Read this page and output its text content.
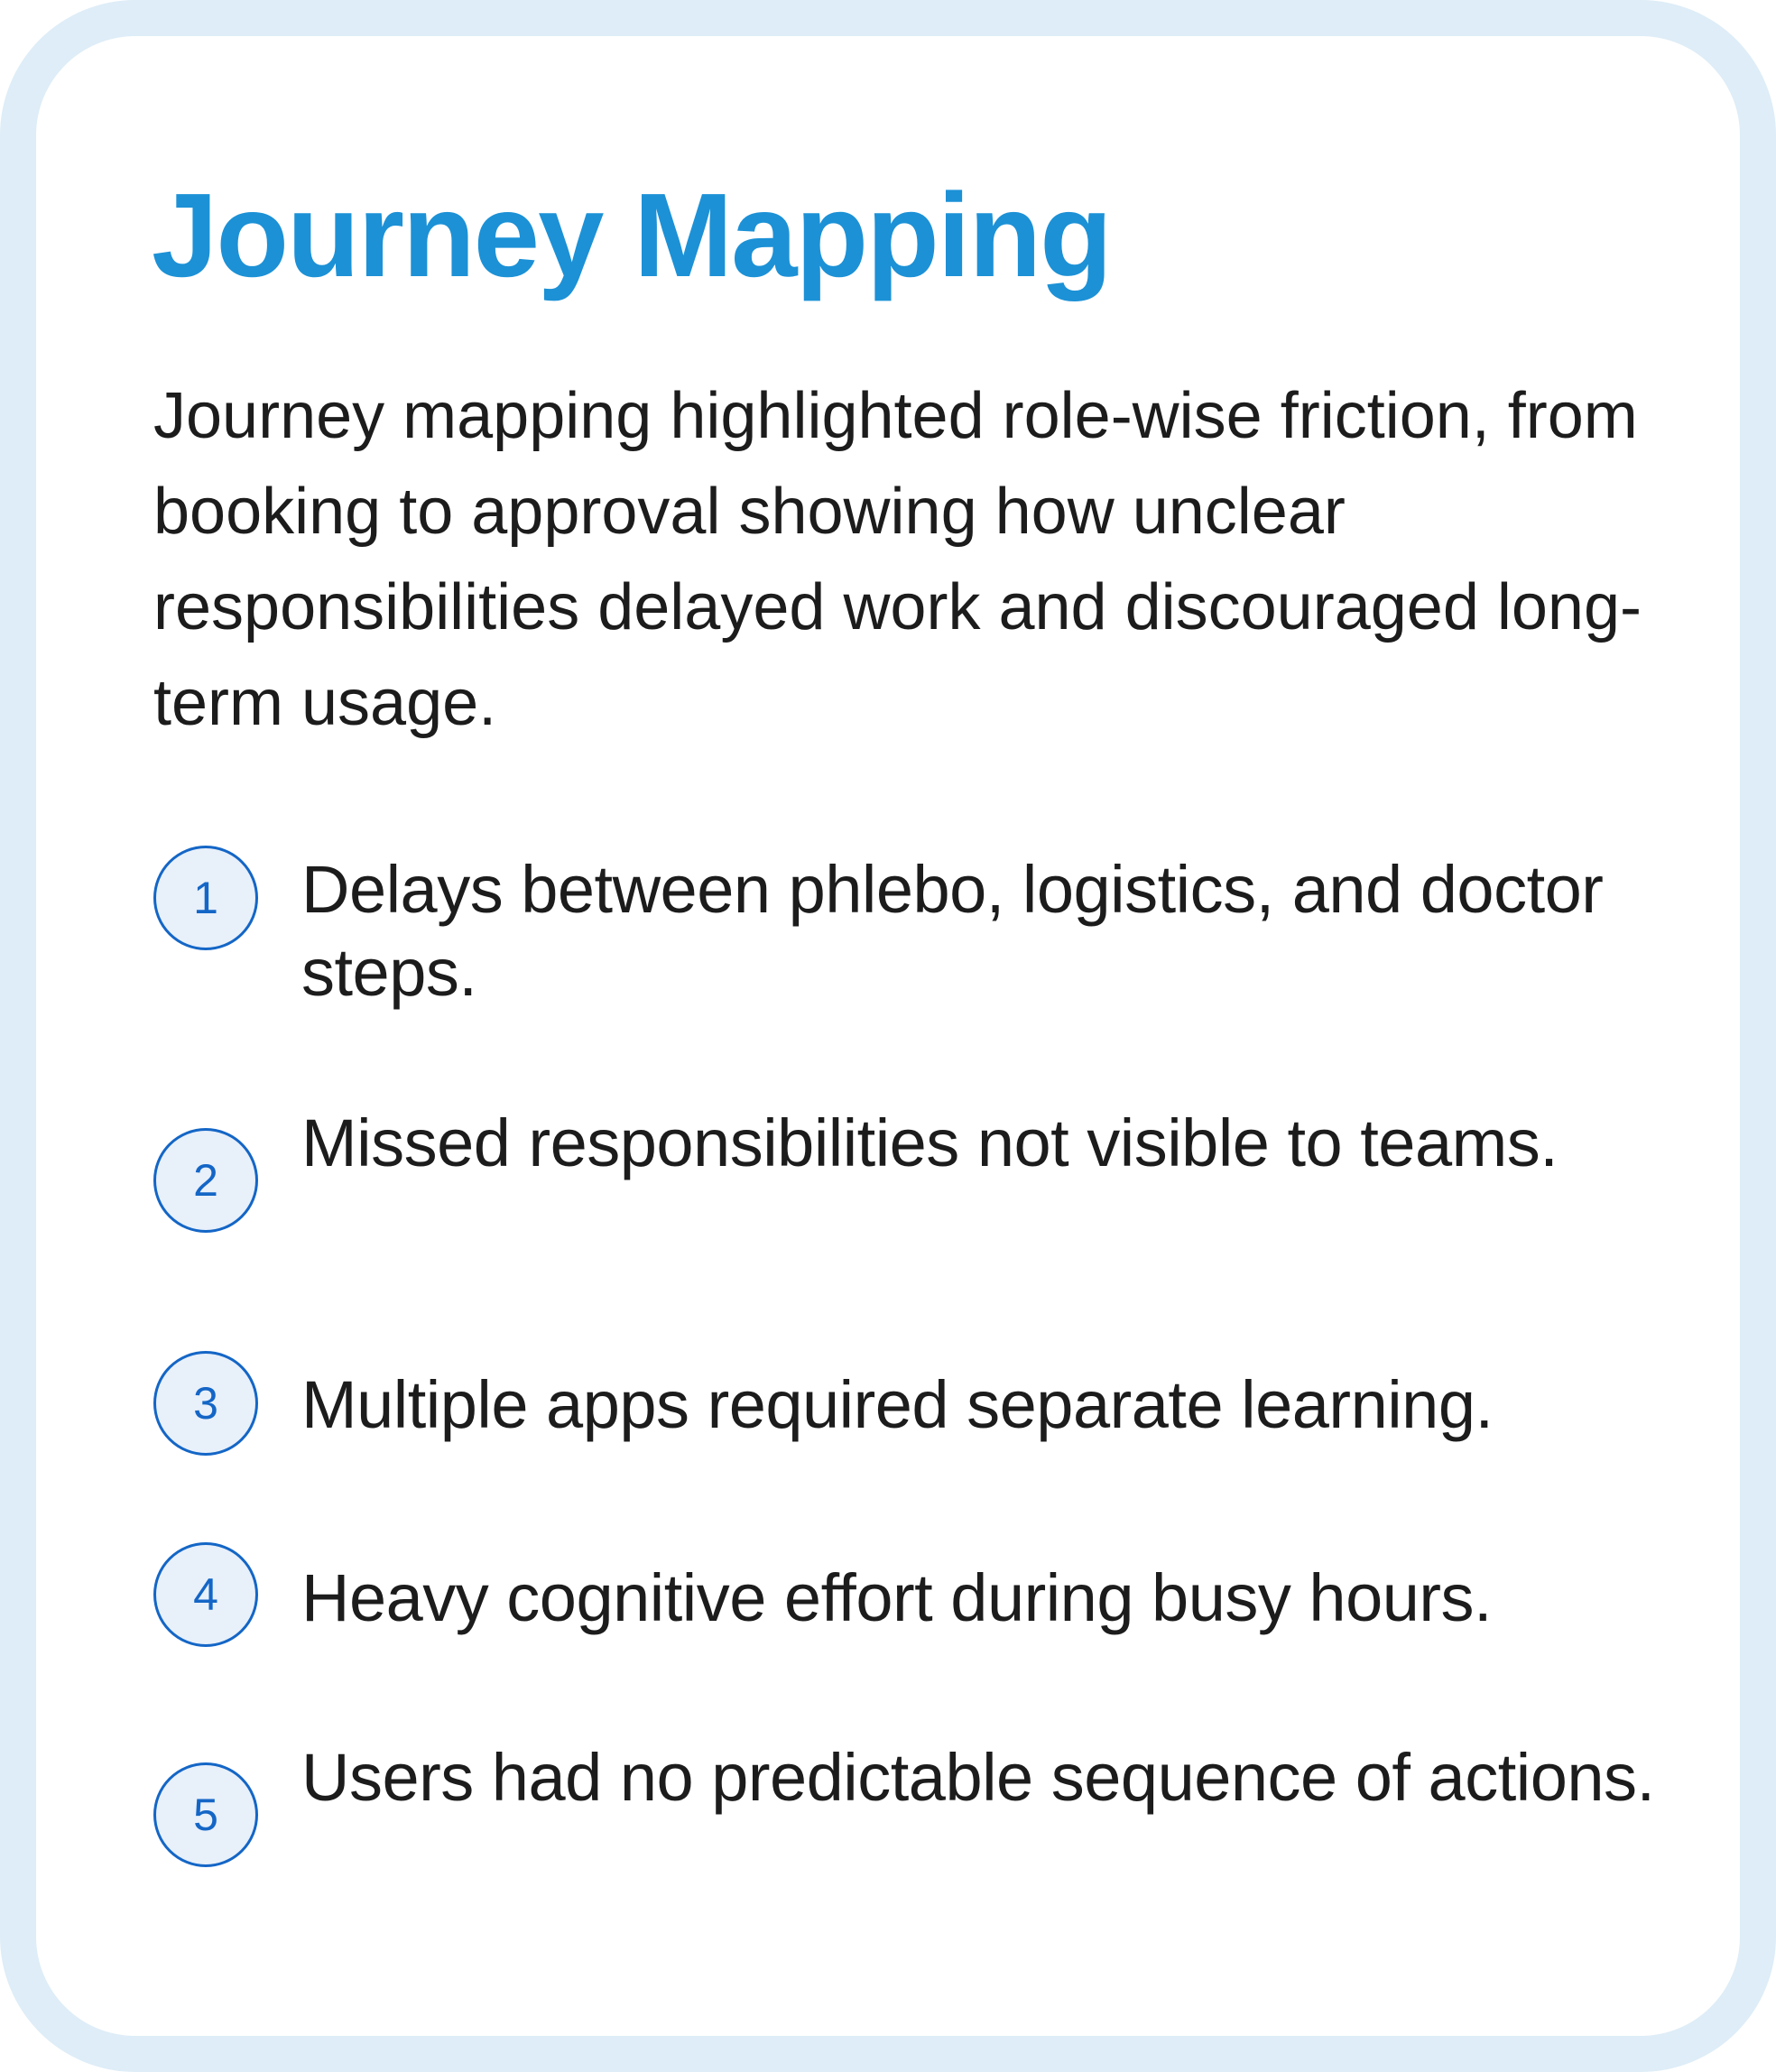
Journey Mapping

Journey mapping highlighted role-wise friction, from booking to approval showing how unclear responsibilities delayed work and discouraged long-term usage.

1	Delays between phlebo, logistics, and doctor steps.
2	Missed responsibilities not visible to teams.
3	Multiple apps required separate learning.
4	Heavy cognitive effort during busy hours.
5	Users had no predictable sequence of actions.
